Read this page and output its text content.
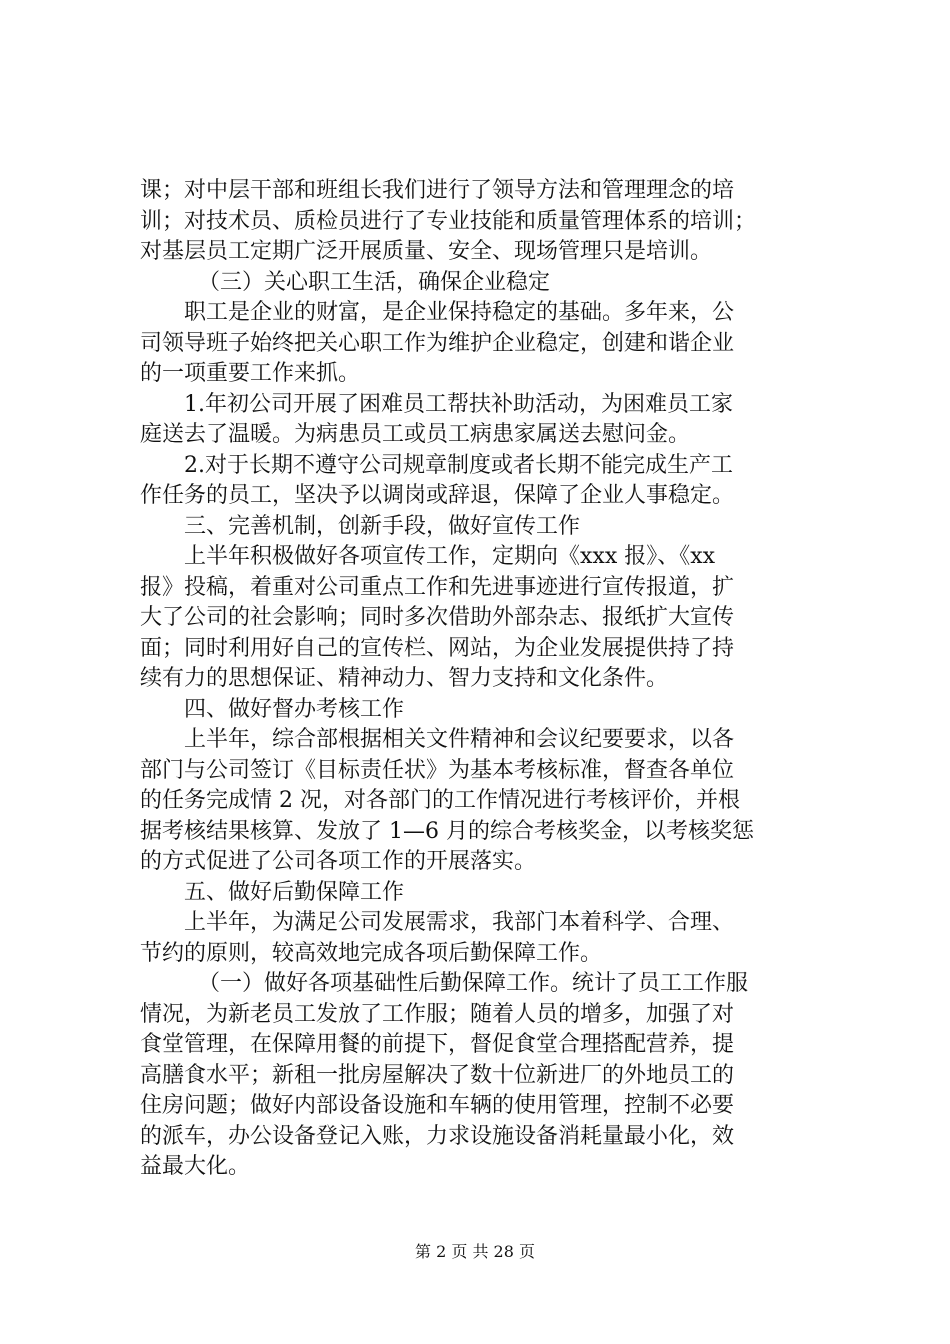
课；对中层干部和班组长我们进行了领导方法和管理理念的培
训；对技术员、质检员进行了专业技能和质量管理体系的培训；
对基层员工定期广泛开展质量、安全、现场管理只是培训。
（三）关心职工生活，确保企业稳定
职工是企业的财富，是企业保持稳定的基础。多年来，公
司领导班子始终把关心职工作为维护企业稳定，创建和谐企业
的一项重要工作来抓。
1.年初公司开展了困难员工帮扶补助活动，为困难员工家
庭送去了温暖。为病患员工或员工病患家属送去慰问金。
2.对于长期不遵守公司规章制度或者长期不能完成生产工
作任务的员工，坚决予以调岗或辞退，保障了企业人事稳定。
三、完善机制，创新手段，做好宣传工作
上半年积极做好各项宣传工作，定期向《xxx 报》、《xx
报》投稿，着重对公司重点工作和先进事迹进行宣传报道，扩
大了公司的社会影响；同时多次借助外部杂志、报纸扩大宣传
面；同时利用好自己的宣传栏、网站，为企业发展提供持了持
续有力的思想保证、精神动力、智力支持和文化条件。
四、做好督办考核工作
上半年，综合部根据相关文件精神和会议纪要要求，以各
部门与公司签订《目标责任状》为基本考核标准，督查各单位
的任务完成情 2 况，对各部门的工作情况进行考核评价，并根
据考核结果核算、发放了 1—6 月的综合考核奖金，以考核奖惩
的方式促进了公司各项工作的开展落实。
五、做好后勤保障工作
上半年，为满足公司发展需求，我部门本着科学、合理、
节约的原则，较高效地完成各项后勤保障工作。
（一）做好各项基础性后勤保障工作。统计了员工工作服
情况，为新老员工发放了工作服；随着人员的增多，加强了对
食堂管理，在保障用餐的前提下，督促食堂合理搭配营养，提
高膳食水平；新租一批房屋解决了数十位新进厂的外地员工的
住房问题；做好内部设备设施和车辆的使用管理，控制不必要
的派车，办公设备登记入账，力求设施设备消耗量最小化，效
益最大化。
第 2 页 共 28 页
